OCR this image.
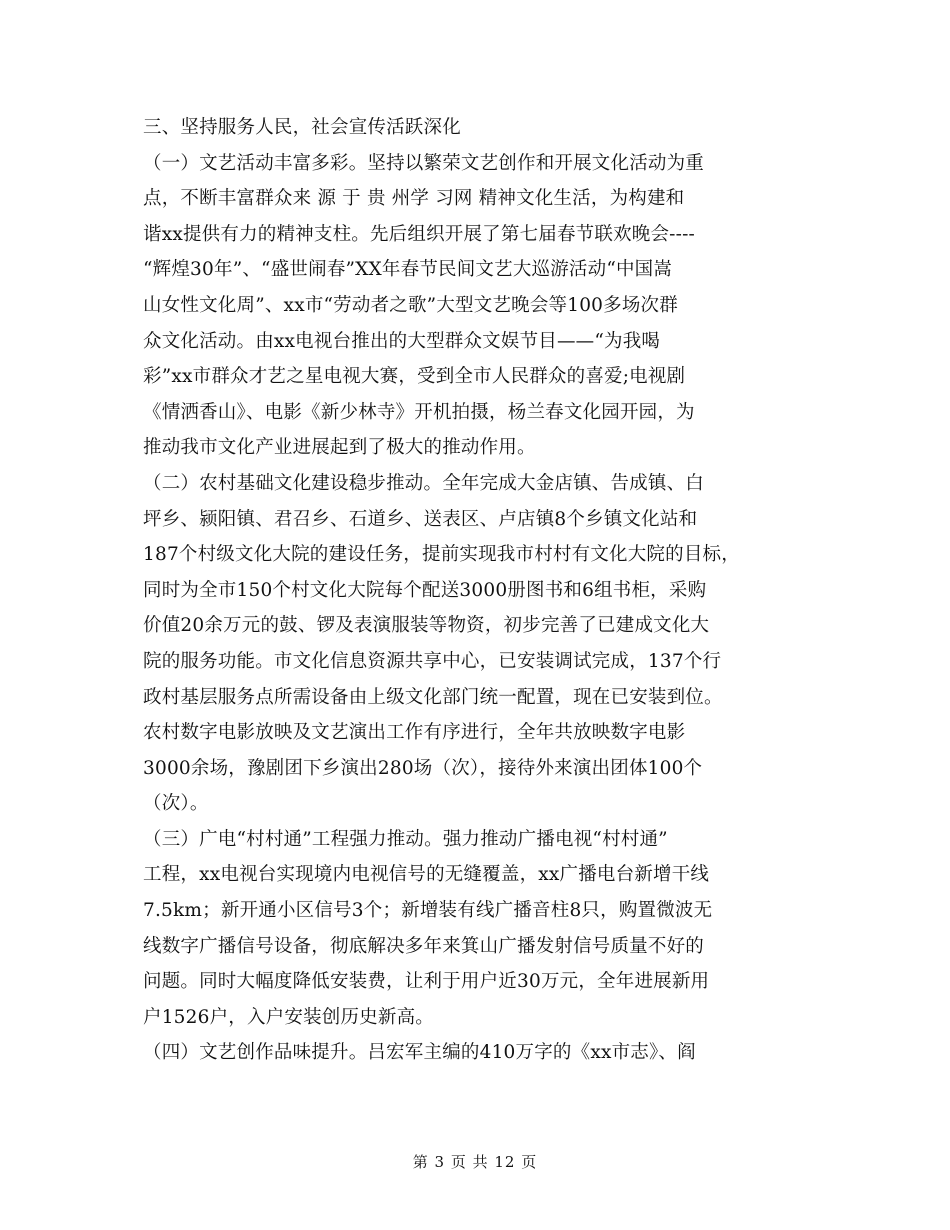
三、坚持服务人民，社会宣传活跃深化
（一）文艺活动丰富多彩。坚持以繁荣文艺创作和开展文化活动为重
点，不断丰富群众来 源 于 贵 州学 习网 精神文化生活，为构建和
谐xx提供有力的精神支柱。先后组织开展了第七届春节联欢晚会----
“辉煌30年”、“盛世闹春”XX年春节民间文艺大巡游活动“中国嵩
山女性文化周”、xx市“劳动者之歌”大型文艺晚会等100多场次群
众文化活动。由xx电视台推出的大型群众文娱节目——“为我喝
彩”xx市群众才艺之星电视大赛，受到全市人民群众的喜爱;电视剧
《情洒香山》、电影《新少林寺》开机拍摄，杨兰春文化园开园，为
推动我市文化产业进展起到了极大的推动作用。
（二）农村基础文化建设稳步推动。全年完成大金店镇、告成镇、白
坪乡、颍阳镇、君召乡、石道乡、送表区、卢店镇8个乡镇文化站和
187个村级文化大院的建设任务，提前实现我市村村有文化大院的目标，
同时为全市150个村文化大院每个配送3000册图书和6组书柜，采购
价值20余万元的鼓、锣及表演服装等物资，初步完善了已建成文化大
院的服务功能。市文化信息资源共享中心，已安装调试完成，137个行
政村基层服务点所需设备由上级文化部门统一配置，现在已安装到位。
农村数字电影放映及文艺演出工作有序进行，全年共放映数字电影
3000余场，豫剧团下乡演出280场（次），接待外来演出团体100个
（次）。
（三）广电“村村通”工程强力推动。强力推动广播电视“村村通”
工程，xx电视台实现境内电视信号的无缝覆盖，xx广播电台新增干线
7.5km；新开通小区信号3个；新增装有线广播音柱8只，购置微波无
线数字广播信号设备，彻底解决多年来箕山广播发射信号质量不好的
问题。同时大幅度降低安装费，让利于用户近30万元，全年进展新用
户1526户，入户安装创历史新高。
（四）文艺创作品味提升。吕宏军主编的410万字的《xx市志》、阎
第 3 页 共 12 页
